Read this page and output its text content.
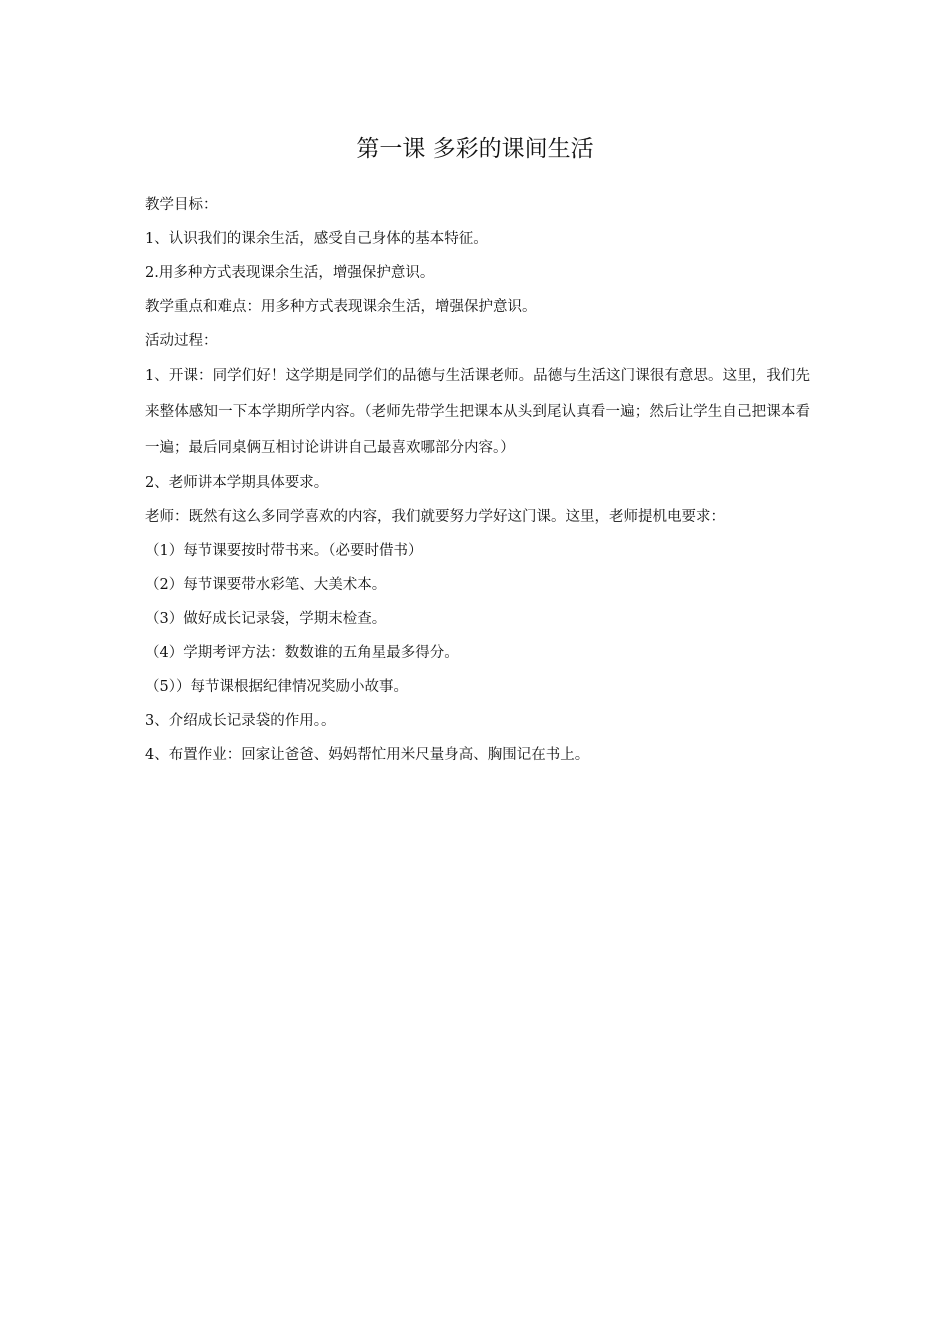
第一课 多彩的课间生活

教学目标：

1、认识我们的课余生活，感受自己身体的基本特征。

2.用多种方式表现课余生活，增强保护意识。

教学重点和难点：用多种方式表现课余生活，增强保护意识。

活动过程：

1、开课：同学们好！这学期是同学们的品德与生活课老师。品德与生活这门课很有意思。这里，我们先来整体感知一下本学期所学内容。（老师先带学生把课本从头到尾认真看一遍；然后让学生自己把课本看一遍；最后同桌俩互相讨论讲讲自己最喜欢哪部分内容。）

2、老师讲本学期具体要求。

老师：既然有这么多同学喜欢的内容，我们就要努力学好这门课。这里，老师提机电要求：

（1）每节课要按时带书来。（必要时借书）

（2）每节课要带水彩笔、大美术本。

（3）做好成长记录袋，学期末检查。

（4）学期考评方法：数数谁的五角星最多得分。

（5））每节课根据纪律情况奖励小故事。

3、介绍成长记录袋的作用。。

4、布置作业：回家让爸爸、妈妈帮忙用米尺量身高、胸围记在书上。
